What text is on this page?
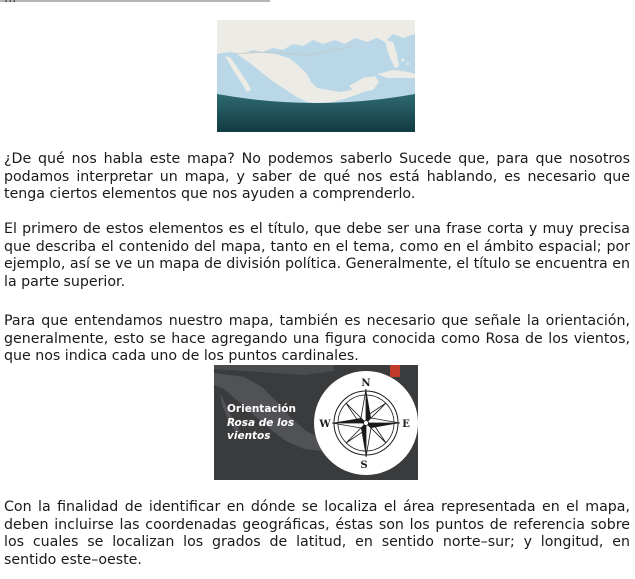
¿De qué nos habla este mapa? No podemos saberlo Sucede que, para que nosotros podamos interpretar un mapa, y saber de qué nos está hablando, es necesario que tenga ciertos elementos que nos ayuden a comprenderlo.

El primero de estos elementos es el título, que debe ser una frase corta y muy precisa que describa el contenido del mapa, tanto en el tema, como en el ámbito espacial; por ejemplo, así se ve un mapa de división política. Generalmente, el título se encuentra en la parte superior.

Para que entendamos nuestro mapa, también es necesario que señale la orientación, generalmente, esto se hace agregando una figura conocida como Rosa de los vientos, que nos indica cada uno de los puntos cardinales.

N
S
E
W
Orientación
Rosa de los vientos

Con la finalidad de identificar en dónde se localiza el área representada en el mapa, deben incluirse las coordenadas geográficas, éstas son los puntos de referencia sobre los cuales se localizan los grados de latitud, en sentido norte–sur; y longitud, en sentido este–oeste.
